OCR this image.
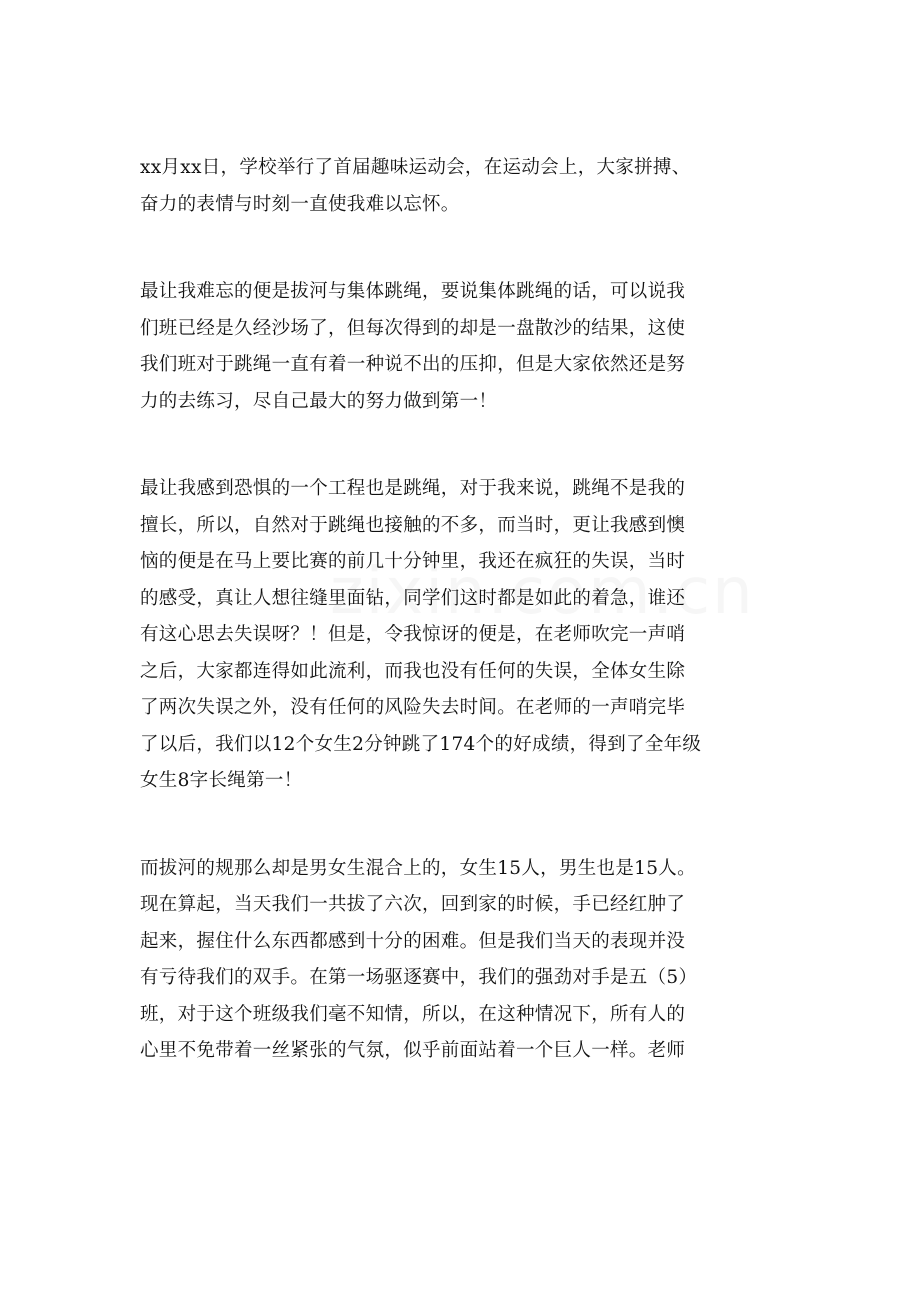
xx月xx日，学校举行了首届趣味运动会，在运动会上，大家拼搏、
奋力的表情与时刻一直使我难以忘怀。

最让我难忘的便是拔河与集体跳绳，要说集体跳绳的话，可以说我
们班已经是久经沙场了，但每次得到的却是一盘散沙的结果，这使
我们班对于跳绳一直有着一种说不出的压抑，但是大家依然还是努
力的去练习，尽自己最大的努力做到第一！

最让我感到恐惧的一个工程也是跳绳，对于我来说，跳绳不是我的
擅长，所以，自然对于跳绳也接触的不多，而当时，更让我感到懊
恼的便是在马上要比赛的前几十分钟里，我还在疯狂的失误，当时
的感受，真让人想往缝里面钻，同学们这时都是如此的着急，谁还
有这心思去失误呀？！但是，令我惊讶的便是，在老师吹完一声哨
之后，大家都连得如此流利，而我也没有任何的失误，全体女生除
了两次失误之外，没有任何的风险失去时间。在老师的一声哨完毕
了以后，我们以12个女生2分钟跳了174个的好成绩，得到了全年级
女生8字长绳第一！

而拔河的规那么却是男女生混合上的，女生15人，男生也是15人。
现在算起，当天我们一共拔了六次，回到家的时候，手已经红肿了
起来，握住什么东西都感到十分的困难。但是我们当天的表现并没
有亏待我们的双手。在第一场驱逐赛中，我们的强劲对手是五（5）
班，对于这个班级我们毫不知情，所以，在这种情况下，所有人的
心里不免带着一丝紧张的气氛，似乎前面站着一个巨人一样。老师
